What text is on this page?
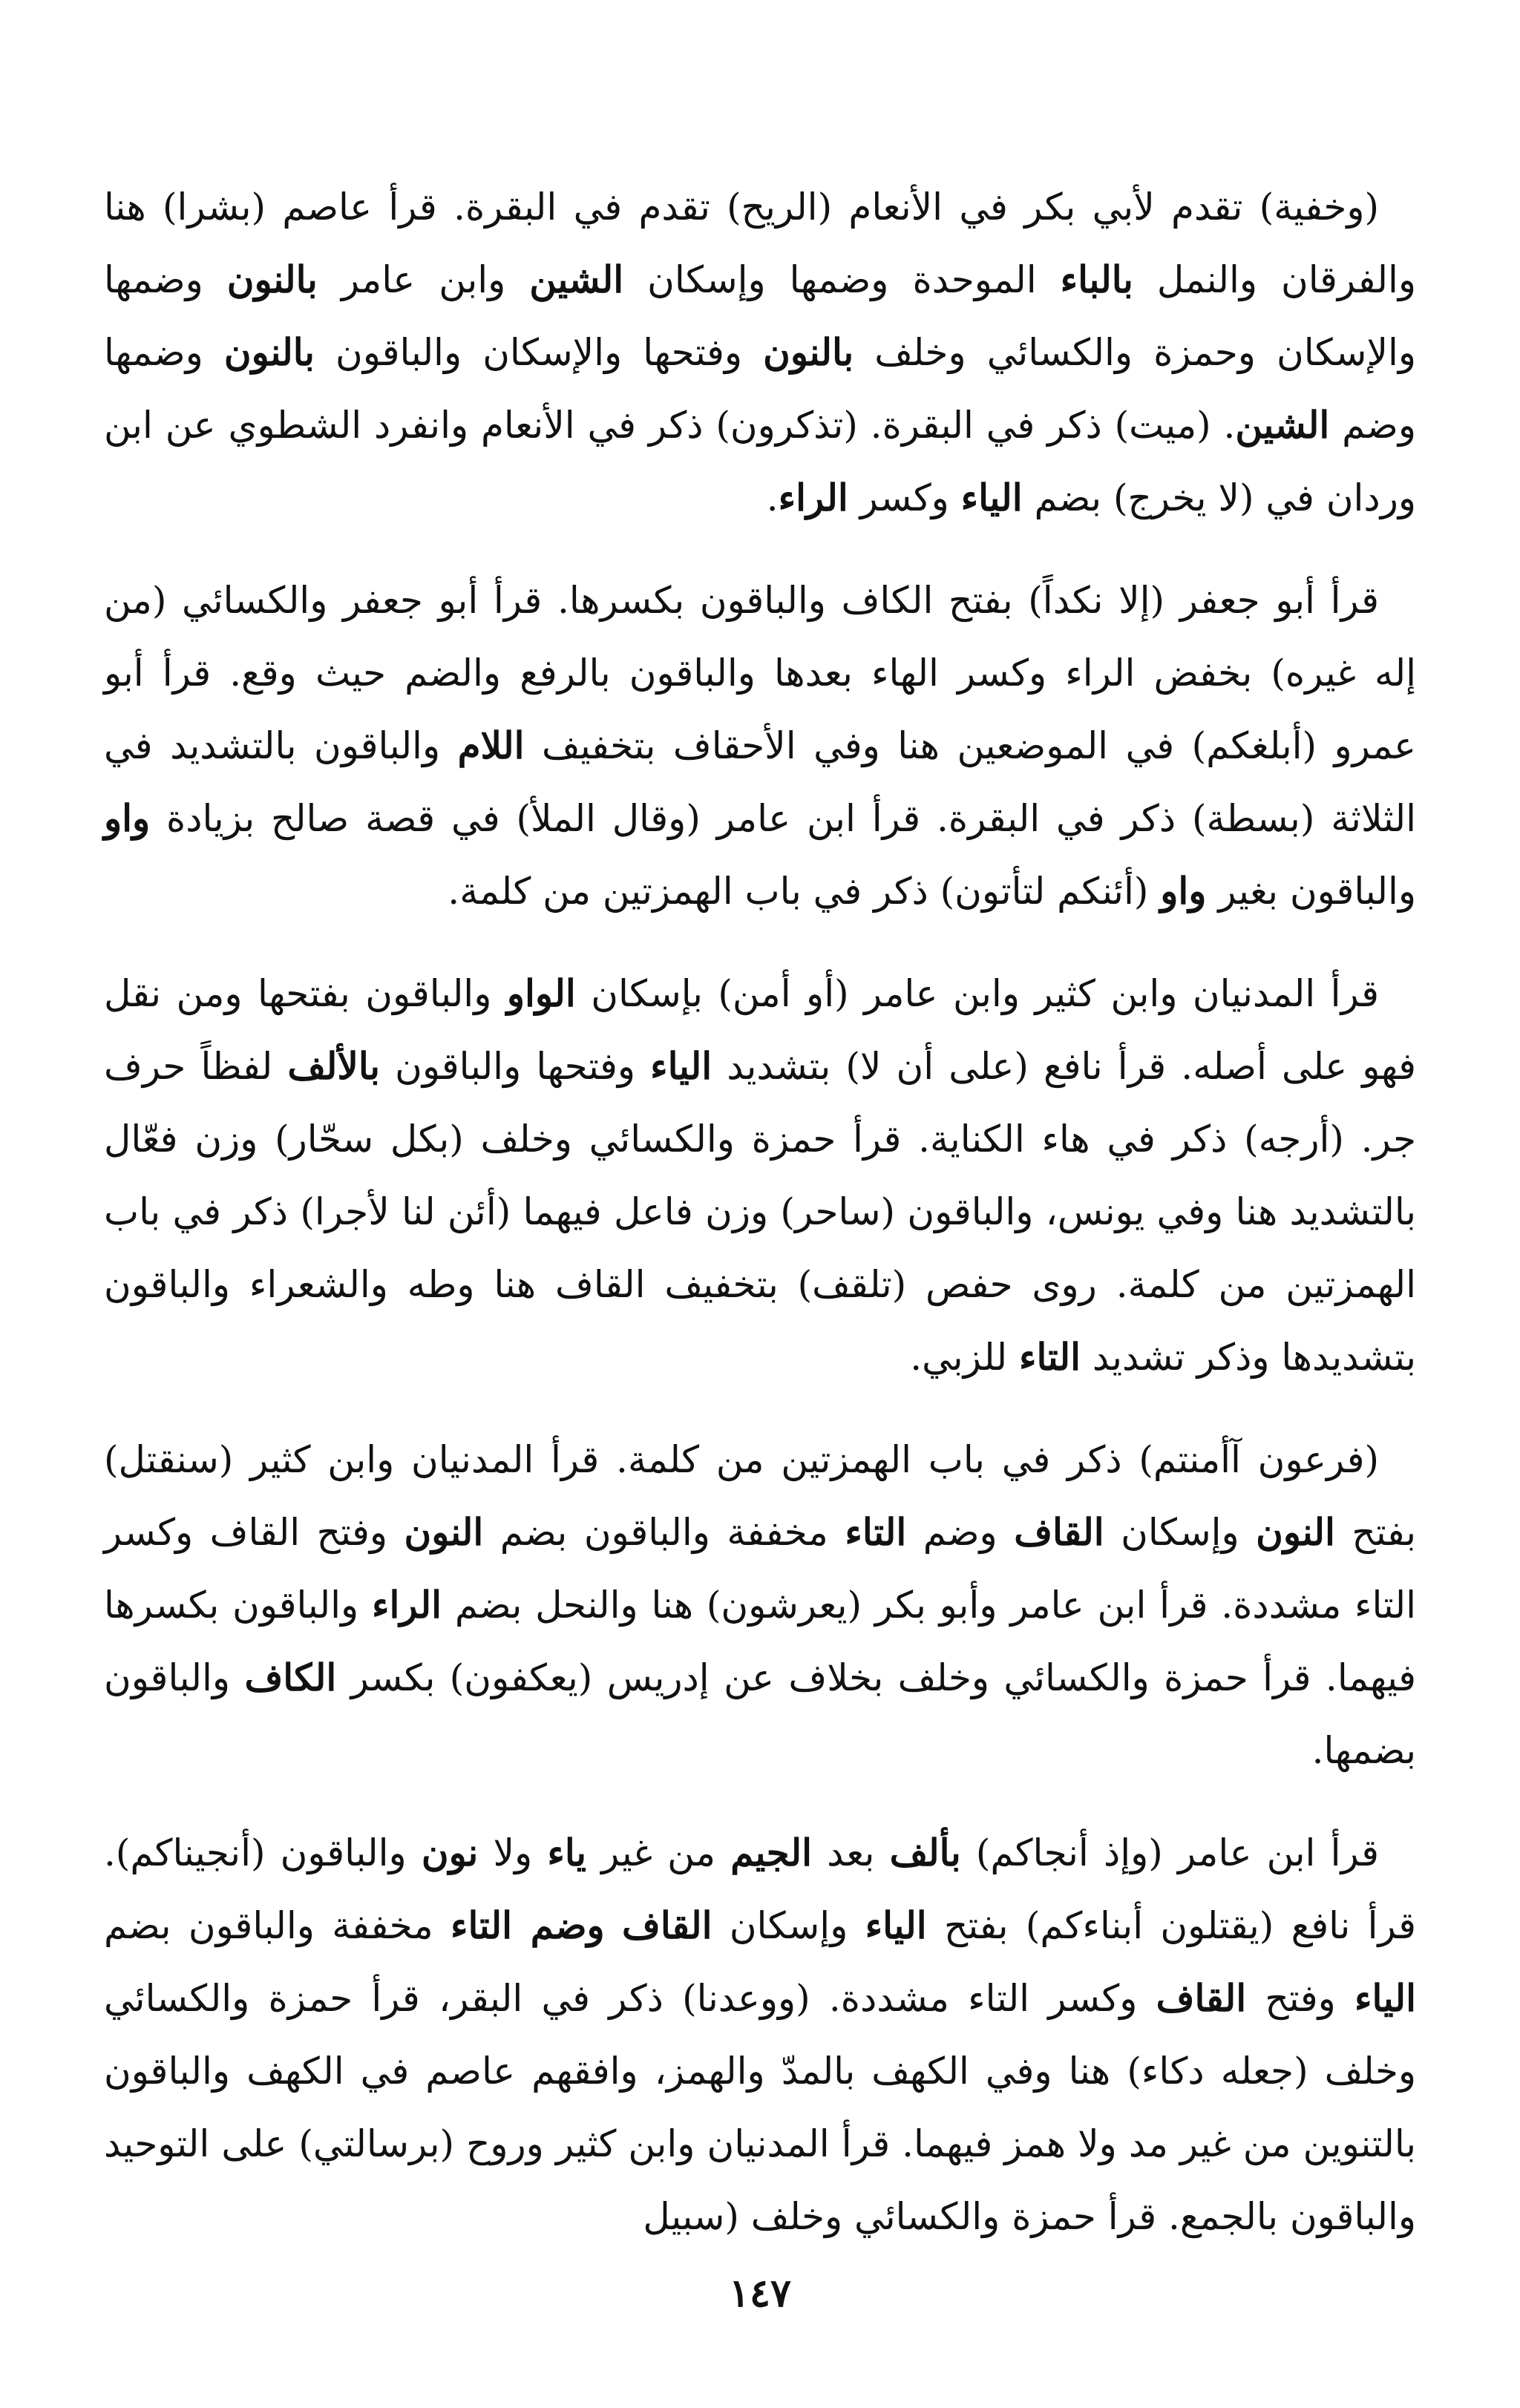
(وخفية) تقدم لأبي بكر في الأنعام (الريح) تقدم في البقرة. قرأ عاصم (بشرا) هنا والفرقان والنمل بالباء الموحدة وضمها وإسكان الشين وابن عامر بالنون وضمها والإسكان وحمزة والكسائي وخلف بالنون وفتحها والإسكان والباقون بالنون وضمها وضم الشين. (ميت) ذكر في البقرة. (تذكرون) ذكر في الأنعام وانفرد الشطوي عن ابن وردان في (لا يخرج) بضم الياء وكسر الراء.

قرأ أبو جعفر (إلا نكداً) بفتح الكاف والباقون بكسرها. قرأ أبو جعفر والكسائي (من إله غيره) بخفض الراء وكسر الهاء بعدها والباقون بالرفع والضم حيث وقع. قرأ أبو عمرو (أبلغكم) في الموضعين هنا وفي الأحقاف بتخفيف اللام والباقون بالتشديد في الثلاثة (بسطة) ذكر في البقرة. قرأ ابن عامر (وقال الملأ) في قصة صالح بزيادة واو والباقون بغير واو (أئنكم لتأتون) ذكر في باب الهمزتين من كلمة.

قرأ المدنيان وابن كثير وابن عامر (أو أمن) بإسكان الواو والباقون بفتحها ومن نقل فهو على أصله. قرأ نافع (على أن لا) بتشديد الياء وفتحها والباقون بالألف لفظاً حرف جر. (أرجه) ذكر في هاء الكناية. قرأ حمزة والكسائي وخلف (بكل سحّار) وزن فعّال بالتشديد هنا وفي يونس، والباقون (ساحر) وزن فاعل فيهما (أئن لنا لأجرا) ذكر في باب الهمزتين من كلمة. روى حفص (تلقف) بتخفيف القاف هنا وطه والشعراء والباقون بتشديدها وذكر تشديد التاء للزبي.

(فرعون آأمنتم) ذكر في باب الهمزتين من كلمة. قرأ المدنيان وابن كثير (سنقتل) بفتح النون وإسكان القاف وضم التاء مخففة والباقون بضم النون وفتح القاف وكسر التاء مشددة. قرأ ابن عامر وأبو بكر (يعرشون) هنا والنحل بضم الراء والباقون بكسرها فيهما. قرأ حمزة والكسائي وخلف بخلاف عن إدريس (يعكفون) بكسر الكاف والباقون بضمها.

قرأ ابن عامر (وإذ أنجاكم) بألف بعد الجيم من غير ياء ولا نون والباقون (أنجيناكم). قرأ نافع (يقتلون أبناءكم) بفتح الياء وإسكان القاف وضم التاء مخففة والباقون بضم الياء وفتح القاف وكسر التاء مشددة. (ووعدنا) ذكر في البقر، قرأ حمزة والكسائي وخلف (جعله دكاء) هنا وفي الكهف بالمدّ والهمز، وافقهم عاصم في الكهف والباقون بالتنوين من غير مد ولا همز فيهما. قرأ المدنيان وابن كثير وروح (برسالتي) على التوحيد والباقون بالجمع. قرأ حمزة والكسائي وخلف (سبيل

١٤٧
